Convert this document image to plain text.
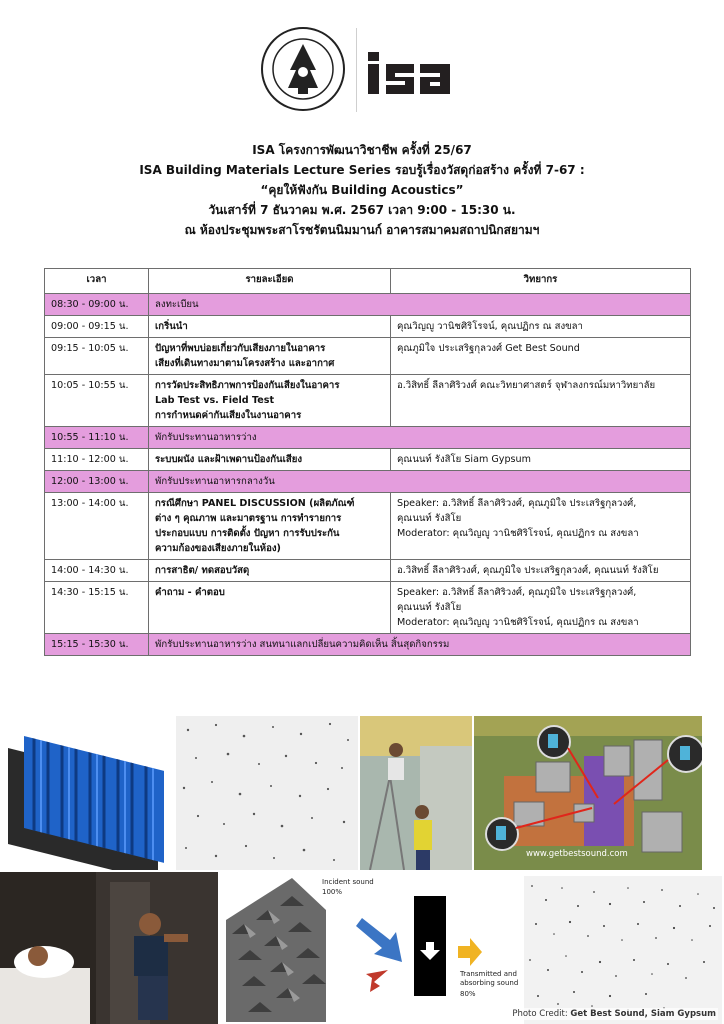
ISA โครงการพัฒนาวิชาชีพ ครั้งที่ 25/67
ISA Building Materials Lecture Series รอบรู้เรื่องวัสดุก่อสร้าง ครั้งที่ 7-67 :
“คุยให้ฟังกัน Building Acoustics”
วันเสาร์ที่ 7 ธันวาคม พ.ศ. 2567 เวลา 9:00 - 15:30 น.
ณ ห้องประชุมพระสาโรชรัตนนิมมานก์ อาคารสมาคมสถาปนิกสยามฯ
เวลา	รายละเอียด	วิทยากร
08:30 - 09:00 น.	ลงทะเบียน	
09:00 - 09:15 น.	เกริ่นนำ	คุณวิญญู วานิชศิริโรจน์, คุณปฏิกร ณ สงขลา
09:15 - 10:05 น.	ปัญหาที่พบบ่อยเกี่ยวกับเสียงภายในอาคาร
เสียงที่เดินทางมาตามโครงสร้าง และอากาศ	คุณภูมิใจ ประเสริฐกุลวงศ์ Get Best Sound
10:05 - 10:55 น.	การวัดประสิทธิภาพการป้องกันเสียงในอาคาร
Lab Test vs. Field Test
การกำหนดค่ากันเสียงในงานอาคาร	อ.วิสิทธิ์ ลีลาศิริวงศ์ คณะวิทยาศาสตร์ จุฬาลงกรณ์มหาวิทยาลัย
10:55 - 11:10 น.	พักรับประทานอาหารว่าง	
11:10 - 12:00 น.	ระบบผนัง และฝ้าเพดานป้องกันเสียง	คุณนนท์ รังสิโย Siam Gypsum
12:00 - 13:00 น.	พักรับประทานอาหารกลางวัน	
13:00 - 14:00 น.	กรณีศึกษา PANEL DISCUSSION (ผลิตภัณฑ์
ต่าง ๆ คุณภาพ และมาตรฐาน การทำรายการ
ประกอบแบบ การติดตั้ง ปัญหา การรับประกัน
ความก้องของเสียงภายในห้อง)	Speaker: อ.วิสิทธิ์ ลีลาศิริวงศ์, คุณภูมิใจ ประเสริฐกุลวงศ์,
คุณนนท์ รังสิโย
Moderator: คุณวิญญู วานิชศิริโรจน์, คุณปฏิกร ณ สงขลา

14:00 - 14:30 น.	การสาธิต/ ทดสอบวัสดุ	อ.วิสิทธิ์ ลีลาศิริวงศ์, คุณภูมิใจ ประเสริฐกุลวงศ์, คุณนนท์ รังสิโย
14:30 - 15:15 น.	คำถาม - คำตอบ	Speaker: อ.วิสิทธิ์ ลีลาศิริวงศ์, คุณภูมิใจ ประเสริฐกุลวงศ์,
คุณนนท์ รังสิโย
Moderator: คุณวิญญู วานิชศิริโรจน์, คุณปฏิกร ณ สงขลา

15:15 - 15:30 น.	พักรับประทานอาหารว่าง สนทนาแลกเปลี่ยนความคิดเห็น สิ้นสุดกิจกรรม	
www.getbestsound.com
Incident sound
100%
Transmitted and absorbing sound
80%
Photo Credit: Get Best Sound, Siam Gypsum
